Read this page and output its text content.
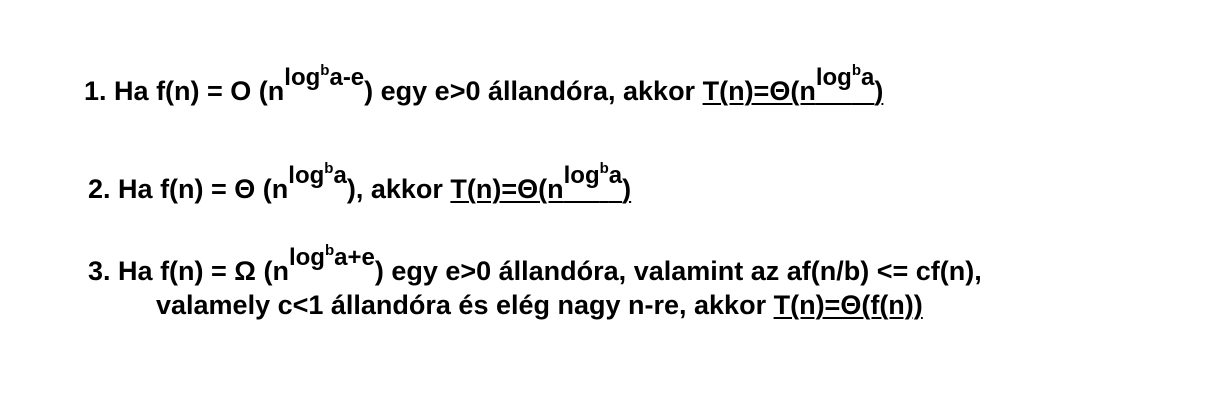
1. Ha f(n) = O (nlog$^b$a-e) egy e>0 állandóra, akkor T(n)=Θ(nlog$^b$a)
2. Ha f(n) = Θ (nlog$^b$a), akkor T(n)=Θ(nlog$^b$a)
3. Ha f(n) = Ω (nlog$^b$a+e) egy e>0 állandóra, valamint az af(n/b) <= cf(n),
valamely c<1 állandóra és elég nagy n-re, akkor T(n)=Θ(f(n))
